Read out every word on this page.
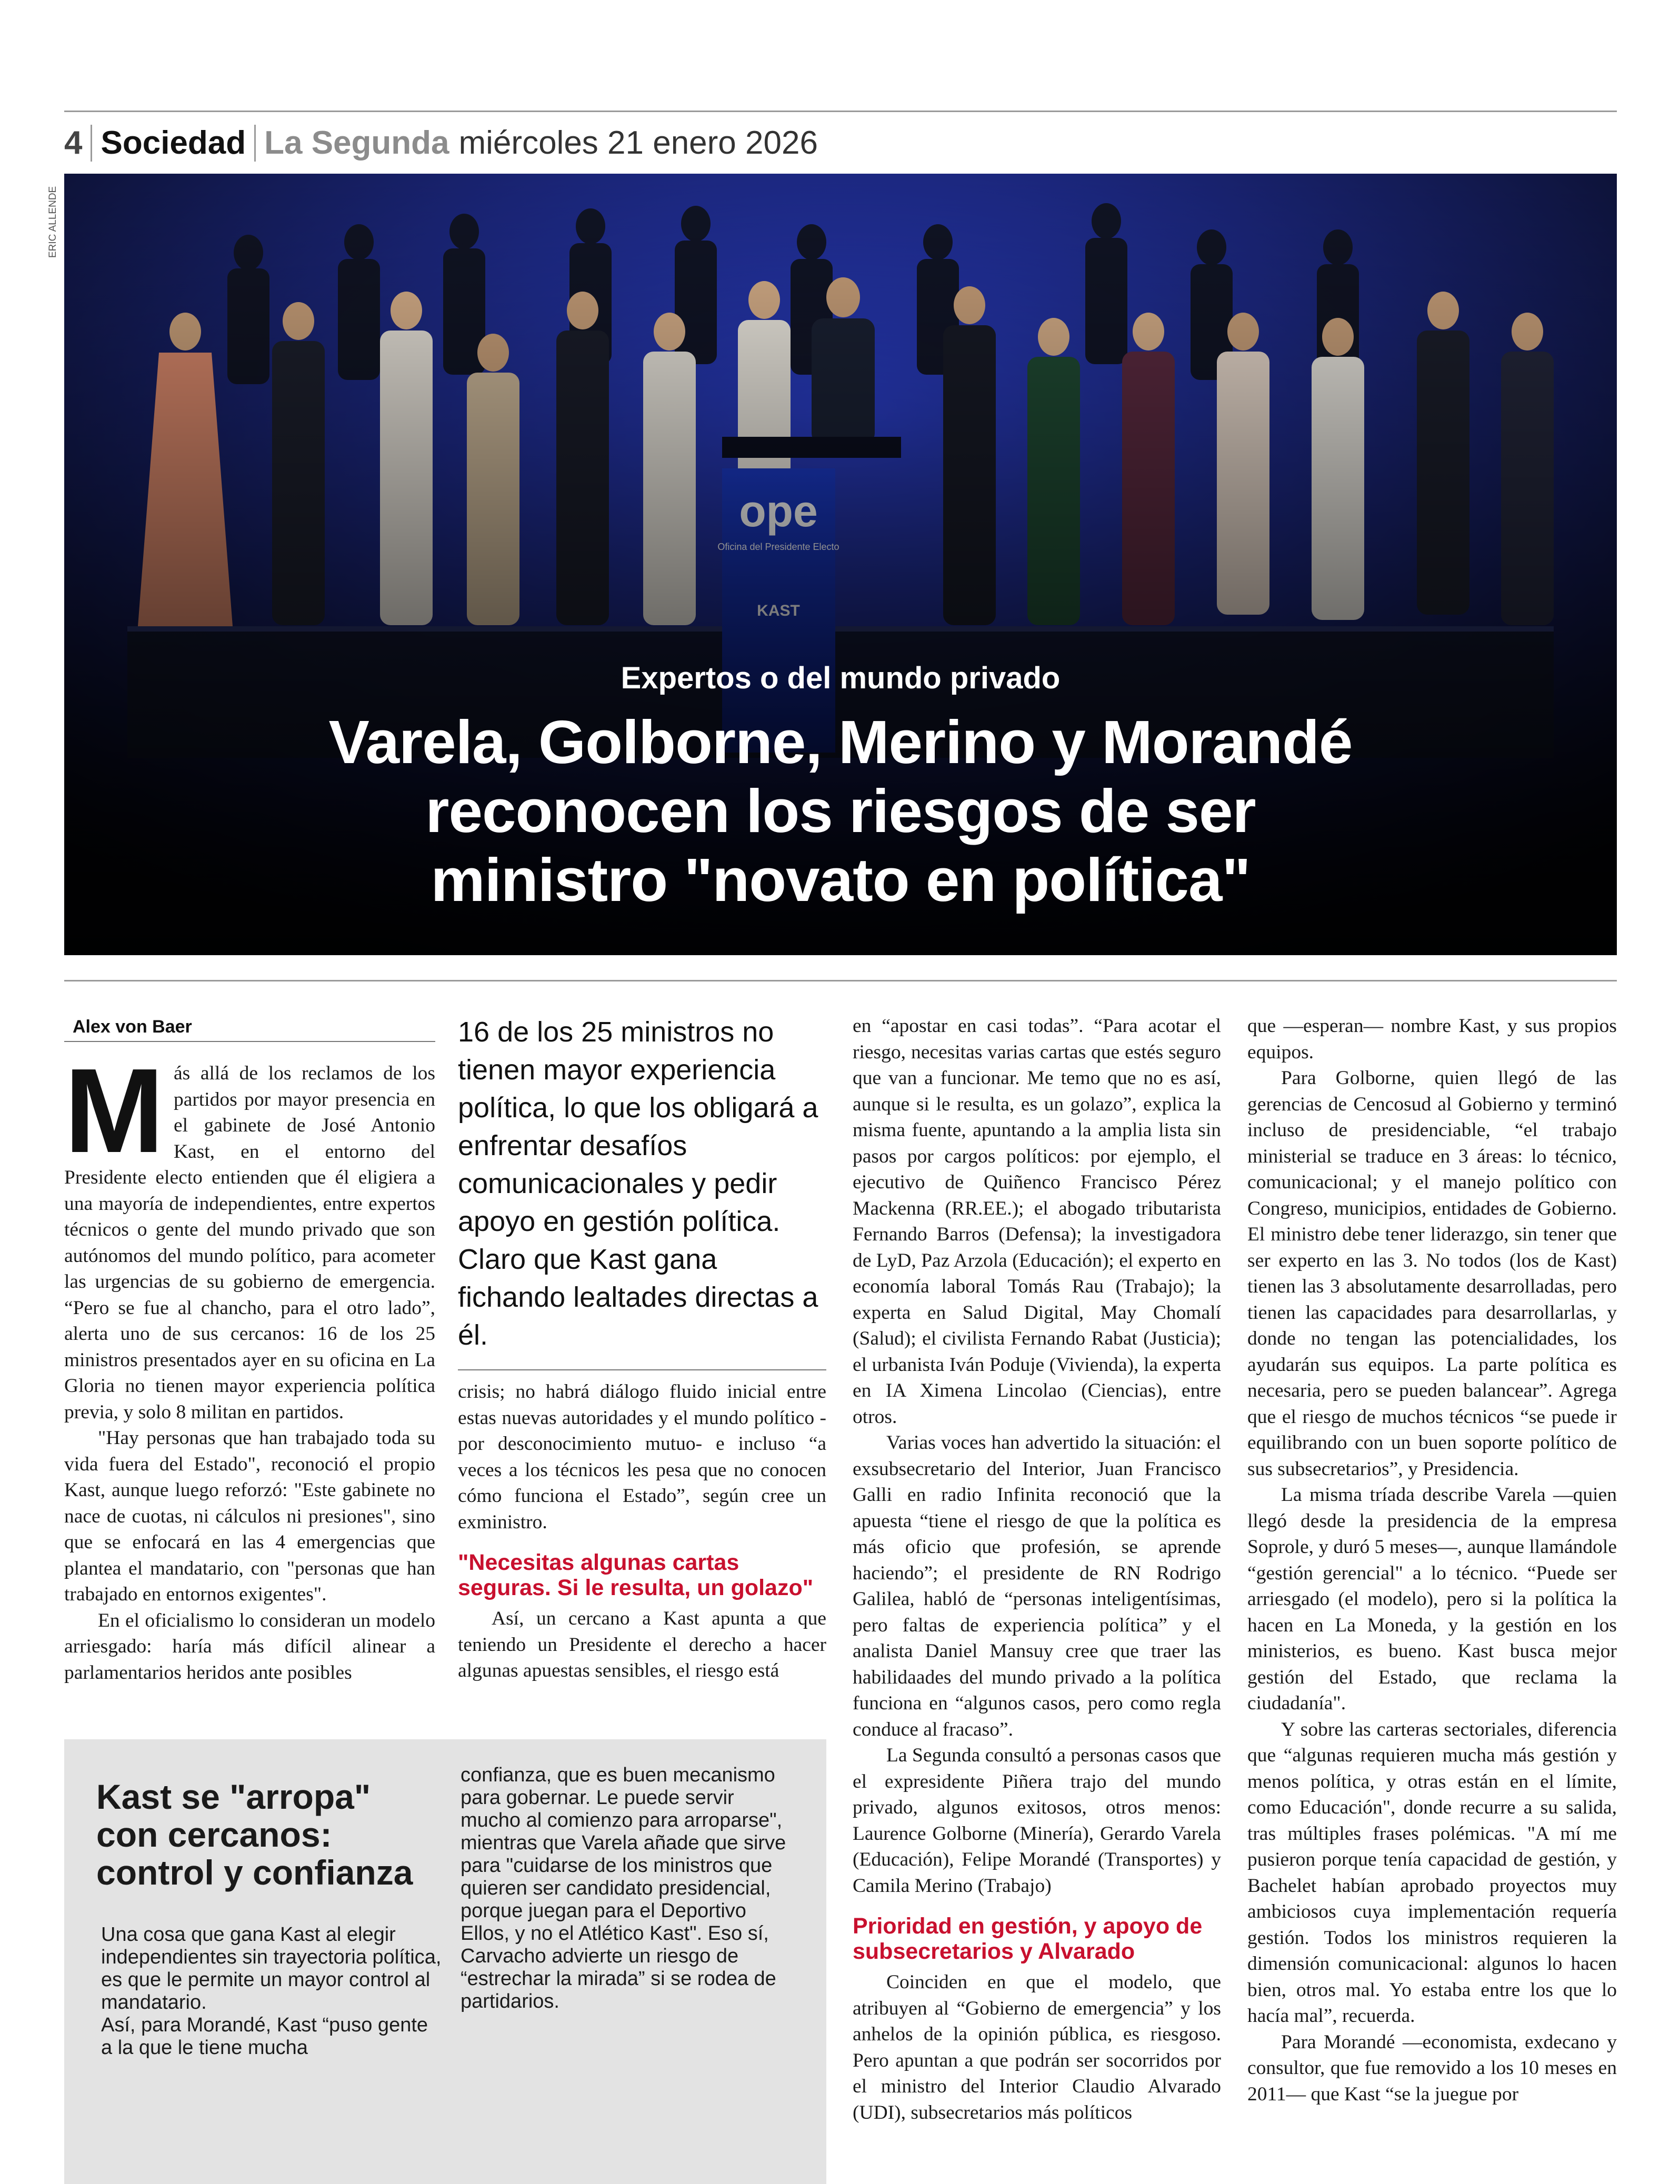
4 Sociedad La Segunda miércoles 21 enero 2026
ERIC ALLENDE
Expertos o del mundo privado
Varela, Golborne, Merino y Morandé
reconocen los riesgos de ser
ministro "novato en política"
Alex von Baer

Más allá de los reclamos de los partidos por mayor presencia en el gabinete de José Antonio Kast, en el entorno del Presidente electo entienden que él eligiera a una mayoría de independientes, entre expertos técnicos o gente del mundo privado que son autónomos del mundo político, para acometer las urgencias de su gobierno de emergencia. “Pero se fue al chancho, para el otro lado”, alerta uno de sus cercanos: 16 de los 25 ministros presentados ayer en su oficina en La Gloria no tienen mayor experiencia política previa, y solo 8 militan en partidos.

"Hay personas que han trabajado toda su vida fuera del Estado", reconoció el propio Kast, aunque luego reforzó: "Este gabinete no nace de cuotas, ni cálculos ni presiones", sino que se enfocará en las 4 emergencias que plantea el mandatario, con "personas que han trabajado en entornos exigentes".

En el oficialismo lo consideran un modelo arriesgado: haría más difícil alinear a parlamentarios heridos ante posibles

16 de los 25 ministros no tienen mayor experiencia política, lo que los obligará a enfrentar desafíos comunicacionales y pedir apoyo en gestión política. Claro que Kast gana fichando lealtades directas a él.

crisis; no habrá diálogo fluido inicial entre estas nuevas autoridades y el mundo político -por desconocimiento mutuo- e incluso “a veces a los técnicos les pesa que no conocen cómo funciona el Estado”, según cree un exministro.

"Necesitas algunas cartas seguras. Si le resulta, un golazo"

Así, un cercano a Kast apunta a que teniendo un Presidente el derecho a hacer algunas apuestas sensibles, el riesgo está

en “apostar en casi todas”. “Para acotar el riesgo, necesitas varias cartas que estés seguro que van a funcionar. Me temo que no es así, aunque si le resulta, es un golazo”, explica la misma fuente, apuntando a la amplia lista sin pasos por cargos políticos: por ejemplo, el ejecutivo de Quiñenco Francisco Pérez Mackenna (RR.EE.); el abogado tributarista Fernando Barros (Defensa); la investigadora de LyD, Paz Arzola (Educación); el experto en economía laboral Tomás Rau (Trabajo); la experta en Salud Digital, May Chomalí (Salud); el civilista Fernando Rabat (Justicia); el urbanista Iván Poduje (Vivienda), la experta en IA Ximena Lincolao (Ciencias), entre otros.

Varias voces han advertido la situación: el exsubsecretario del Interior, Juan Francisco Galli en radio Infinita reconoció que la apuesta “tiene el riesgo de que la política es más oficio que profesión, se aprende haciendo”; el presidente de RN Rodrigo Galilea, habló de “personas inteligentísimas, pero faltas de experiencia política” y el analista Daniel Mansuy cree que traer las habilidaades del mundo privado a la política funciona en “algunos casos, pero como regla conduce al fracaso”.

La Segunda consultó a personas casos que el expresidente Piñera trajo del mundo privado, algunos exitosos, otros menos: Laurence Golborne (Minería), Gerardo Varela (Educación), Felipe Morandé (Transportes) y Camila Merino (Trabajo)

Prioridad en gestión, y apoyo de subsecretarios y Alvarado

Coinciden en que el modelo, que atribuyen al “Gobierno de emergencia” y los anhelos de la opinión pública, es riesgoso. Pero apuntan a que podrán ser socorridos por el ministro del Interior Claudio Alvarado (UDI), subsecretarios más políticos

que —esperan— nombre Kast, y sus propios equipos.

Para Golborne, quien llegó de las gerencias de Cencosud al Gobierno y terminó incluso de presidenciable, “el trabajo ministerial se traduce en 3 áreas: lo técnico, comunicacional; y el manejo político con Congreso, municipios, entidades de Gobierno. El ministro debe tener liderazgo, sin tener que ser experto en las 3. No todos (los de Kast) tienen las 3 absolutamente desarrolladas, pero tienen las capacidades para desarrollarlas, y donde no tengan las potencialidades, los ayudarán sus equipos. La parte política es necesaria, pero se pueden balancear”. Agrega que el riesgo de muchos técnicos “se puede ir equilibrando con un buen soporte político de sus subsecretarios”, y Presidencia.

La misma tríada describe Varela —quien llegó desde la presidencia de la empresa Soprole, y duró 5 meses—, aunque llamándole “gestión gerencial" a lo técnico. “Puede ser arriesgado (el modelo), pero si la política la hacen en La Moneda, y la gestión en los ministerios, es bueno. Kast busca mejor gestión del Estado, que reclama la ciudadanía".

Y sobre las carteras sectoriales, diferencia que “algunas requieren mucha más gestión y menos política, y otras están en el límite, como Educación", donde recurre a su salida, tras múltiples frases polémicas. "A mí me pusieron porque tenía capacidad de gestión, y Bachelet habían aprobado proyectos muy ambiciosos cuya implementación requería gestión. Todos los ministros requieren la dimensión comunicacional: algunos lo hacen bien, otros mal. Yo estaba entre los que lo hacía mal”, recuerda.

Para Morandé —economista, exdecano y consultor, que fue removido a los 10 meses en 2011— que Kast “se la juegue por

Kast se "arropa" con cercanos: control y confianza

Una cosa que gana Kast al elegir independientes sin trayectoria política, es que le permite un mayor control al mandatario.

Así, para Morandé, Kast “puso gente a la que le tiene mucha

confianza, que es buen mecanismo para gobernar. Le puede servir mucho al comienzo para arroparse", mientras que Varela añade que sirve para "cuidarse de los ministros que quieren ser candidato presidencial, porque juegan para el Deportivo Ellos, y no el Atlético Kast". Eso sí, Carvacho advierte un riesgo de “estrechar la mirada” si se rodea de partidarios.
